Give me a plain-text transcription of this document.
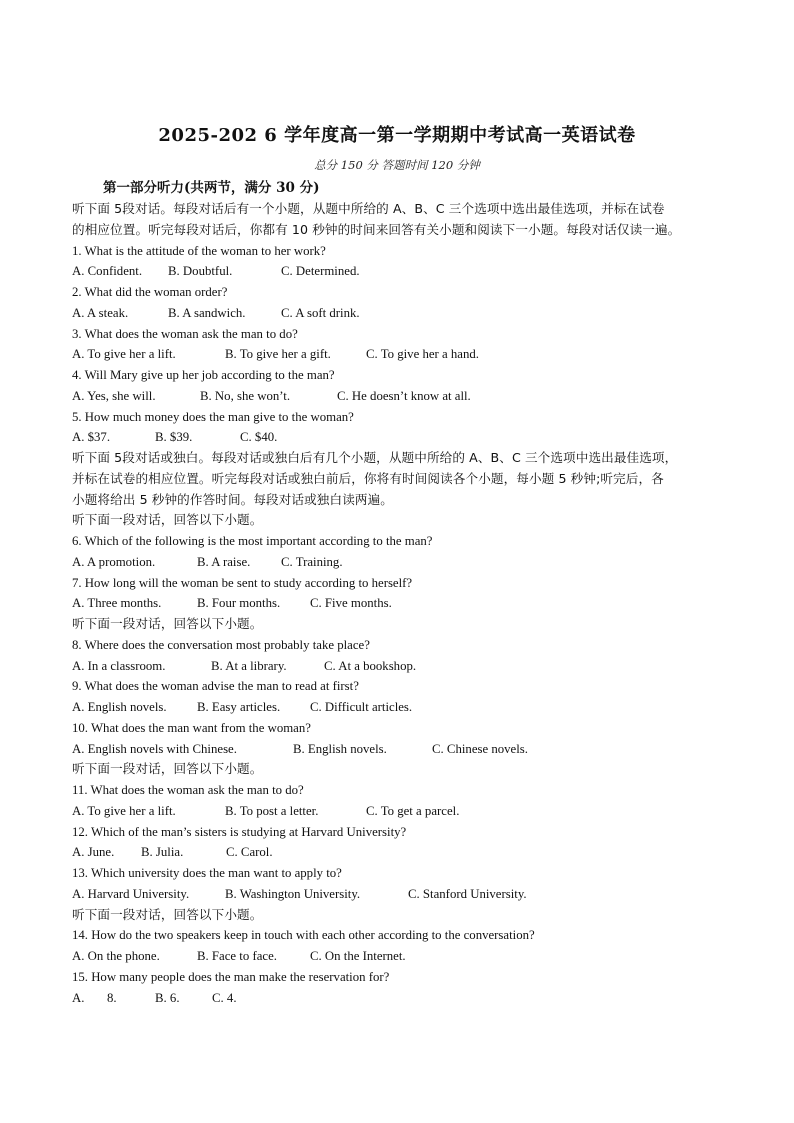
2025-202 6 学年度高一第一学期期中考试高一英语试卷
总分 150 分 答题时间 120 分钟
第一部分听力(共两节，满分 30 分)
听下面 5段对话。每段对话后有一个小题，从题中所给的 A、B、C 三个选项中选出最佳选项，并标在试卷
的相应位置。听完每段对话后，你都有 10 秒钟的时间来回答有关小题和阅读下一小题。每段对话仅读一遍。
1. What is the attitude of the woman to her work?
A. Confident. B. Doubtful.	C. Determined.
2. What did the woman order?
A. A steak.	B. A sandwich.	C. A soft drink.
3. What does the woman ask the man to do?
A. To give her a lift.	B. To give her a gift.	C. To give her a hand.
4. Will Mary give up her job according to the man?
A. Yes, she will.	B. No, she won’t.	C. He doesn’t know at all.
5. How much money does the man give to the woman?
A. $37.	B. $39.	C. $40.
听下面 5段对话或独白。每段对话或独白后有几个小题，从题中所给的 A、B、C 三个选项中选出最佳选项，
并标在试卷的相应位置。听完每段对话或独白前后，你将有时间阅读各个小题，每小题 5 秒钟;听完后，各
小题将给出 5 秒钟的作答时间。每段对话或独白读两遍。
听下面一段对话，回答以下小题。
6. Which of the following is the most important according to the man?
A. A promotion.	B. A raise. C. Training.
7. How long will the woman be sent to study according to herself?
A. Three months.	B. Four months. C. Five months.
听下面一段对话，回答以下小题。
8. Where does the conversation most probably take place?
A. In a classroom.	B. At a library.	C. At a bookshop.
9. What does the woman advise the man to read at first?
A. English novels. B. Easy articles. C. Difficult articles.
10. What does the man want from the woman?
A. English novels with Chinese.	B. English novels.	C. Chinese novels.
听下面一段对话，回答以下小题。
11. What does the woman ask the man to do?
A. To give her a lift.	B. To post a letter.	C. To get a parcel.
12. Which of the man’s sisters is studying at Harvard University?
A. June. B. Julia.	C. Carol.
13. Which university does the man want to apply to?
A. Harvard University.	B. Washington University.	C. Stanford University.
听下面一段对话，回答以下小题。
14. How do the two speakers keep in touch with each other according to the conversation?
A. On the phone.	B. Face to face.	C. On the Internet.
15. How many people does the man make the reservation for?
A. 8.	B. 6.	C. 4.
